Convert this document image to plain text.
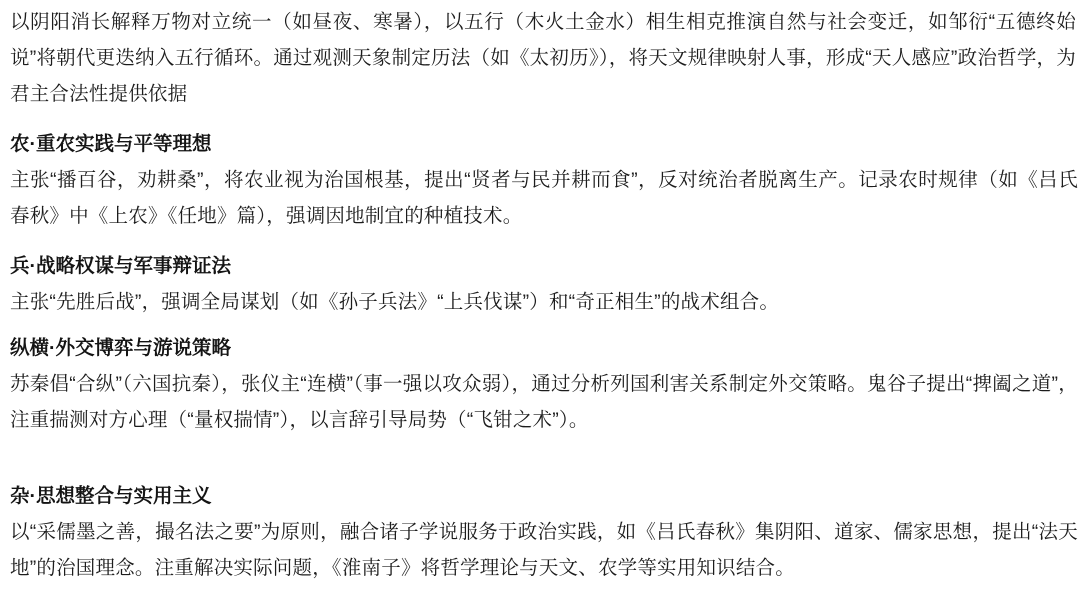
以阴阳消长解释万物对立统一（如昼夜、寒暑），以五行（木火土金水）相生相克推演自然与社会变迁，如邹衍“五德终始说”将朝代更迭纳入五行循环。通过观测天象制定历法（如《太初历》），将天文规律映射人事，形成“天人感应”政治哲学，为君主合法性提供依据

农·重农实践与平等理想

主张“播百谷，劝耕桑”，将农业视为治国根基，提出“贤者与民并耕而食”，反对统治者脱离生产。记录农时规律（如《吕氏春秋》中《上农》《任地》篇），强调因地制宜的种植技术。

兵·战略权谋与军事辩证法

主张“先胜后战”，强调全局谋划（如《孙子兵法》“上兵伐谋”）和“奇正相生”的战术组合。

纵横·外交博弈与游说策略

苏秦倡“合纵”（六国抗秦），张仪主“连横”（事一强以攻众弱），通过分析列国利害关系制定外交策略。鬼谷子提出“捭阖之道”，注重揣测对方心理（“量权揣情”），以言辞引导局势（“飞钳之术”）。

杂·思想整合与实用主义

以“采儒墨之善，撮名法之要”为原则，融合诸子学说服务于政治实践，如《吕氏春秋》集阴阳、道家、儒家思想，提出“法天地”的治国理念。注重解决实际问题，《淮南子》将哲学理论与天文、农学等实用知识结合。
